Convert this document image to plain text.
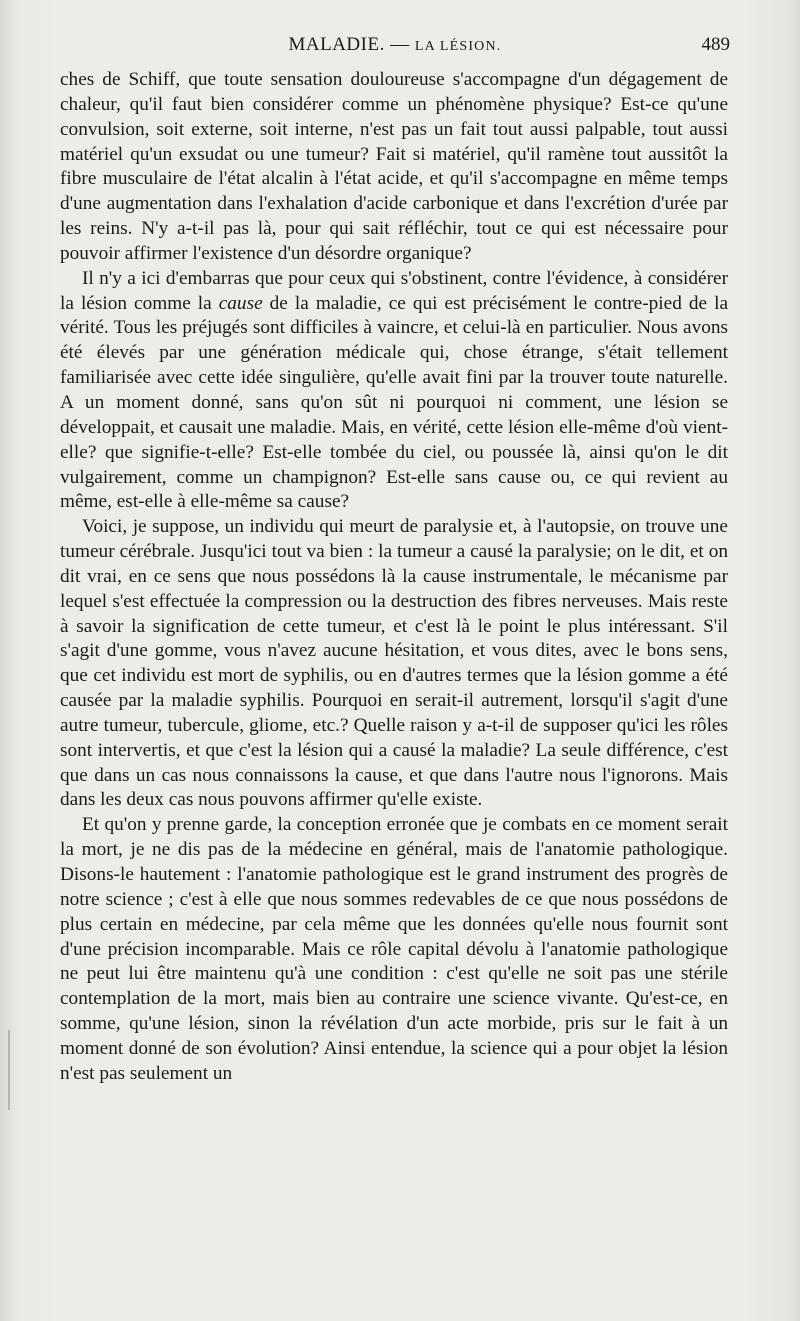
MALADIE. — LA LÉSION.	489

ches de Schiff, que toute sensation douloureuse s'accompagne d'un dégagement de chaleur, qu'il faut bien considérer comme un phénomène physique? Est-ce qu'une convulsion, soit externe, soit interne, n'est pas un fait tout aussi palpable, tout aussi matériel qu'un exsudat ou une tumeur? Fait si matériel, qu'il ramène tout aussitôt la fibre musculaire de l'état alcalin à l'état acide, et qu'il s'accompagne en même temps d'une augmentation dans l'exhalation d'acide carbonique et dans l'excrétion d'urée par les reins. N'y a-t-il pas là, pour qui sait réfléchir, tout ce qui est nécessaire pour pouvoir affirmer l'existence d'un désordre organique?

Il n'y a ici d'embarras que pour ceux qui s'obstinent, contre l'évidence, à considérer la lésion comme la cause de la maladie, ce qui est précisément le contre-pied de la vérité. Tous les préjugés sont difficiles à vaincre, et celui-là en particulier. Nous avons été élevés par une génération médicale qui, chose étrange, s'était tellement familiarisée avec cette idée singulière, qu'elle avait fini par la trouver toute naturelle. A un moment donné, sans qu'on sût ni pourquoi ni comment, une lésion se développait, et causait une maladie. Mais, en vérité, cette lésion elle-même d'où vient-elle? que signifie-t-elle? Est-elle tombée du ciel, ou poussée là, ainsi qu'on le dit vulgairement, comme un champignon? Est-elle sans cause ou, ce qui revient au même, est-elle à elle-même sa cause?

Voici, je suppose, un individu qui meurt de paralysie et, à l'autopsie, on trouve une tumeur cérébrale. Jusqu'ici tout va bien : la tumeur a causé la paralysie; on le dit, et on dit vrai, en ce sens que nous possédons là la cause instrumentale, le mécanisme par lequel s'est effectuée la compression ou la destruction des fibres nerveuses. Mais reste à savoir la signification de cette tumeur, et c'est là le point le plus intéressant. S'il s'agit d'une gomme, vous n'avez aucune hésitation, et vous dites, avec le bons sens, que cet individu est mort de syphilis, ou en d'autres termes que la lésion gomme a été causée par la maladie syphilis. Pourquoi en serait-il autrement, lorsqu'il s'agit d'une autre tumeur, tubercule, gliome, etc.? Quelle raison y a-t-il de supposer qu'ici les rôles sont intervertis, et que c'est la lésion qui a causé la maladie? La seule différence, c'est que dans un cas nous connaissons la cause, et que dans l'autre nous l'ignorons. Mais dans les deux cas nous pouvons affirmer qu'elle existe.

Et qu'on y prenne garde, la conception erronée que je combats en ce moment serait la mort, je ne dis pas de la médecine en général, mais de l'anatomie pathologique. Disons-le hautement : l'anatomie pathologique est le grand instrument des progrès de notre science ; c'est à elle que nous sommes redevables de ce que nous possédons de plus certain en médecine, par cela même que les données qu'elle nous fournit sont d'une précision incomparable. Mais ce rôle capital dévolu à l'anatomie pathologique ne peut lui être maintenu qu'à une condition : c'est qu'elle ne soit pas une stérile contemplation de la mort, mais bien au contraire une science vivante. Qu'est-ce, en somme, qu'une lésion, sinon la révélation d'un acte morbide, pris sur le fait à un moment donné de son évolution? Ainsi entendue, la science qui a pour objet la lésion n'est pas seulement un
